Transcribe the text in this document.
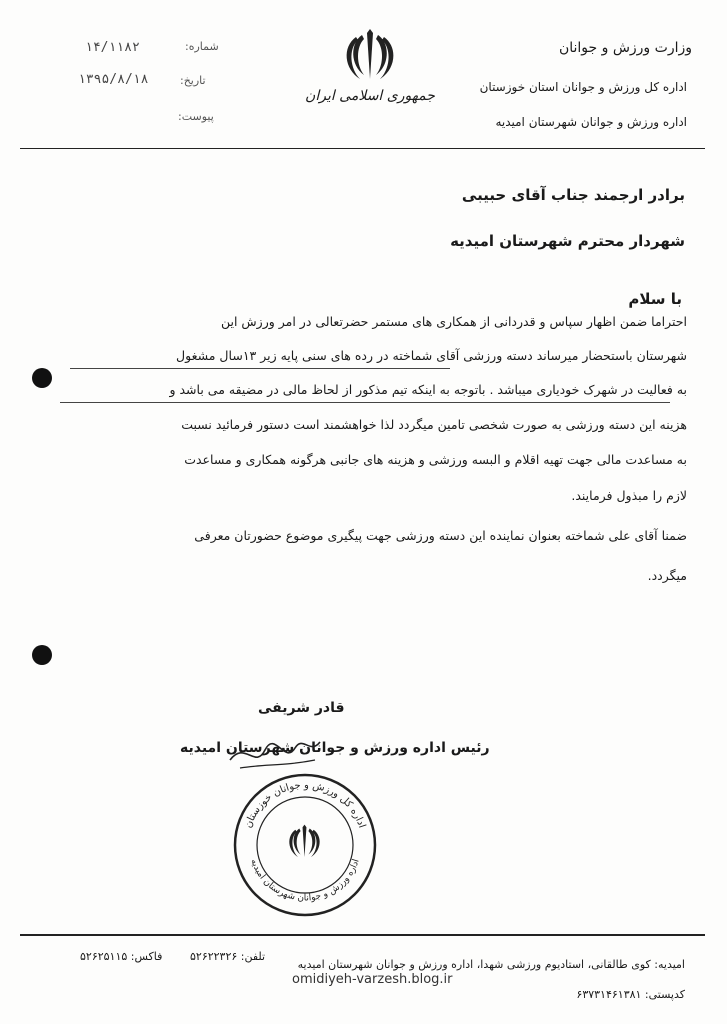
وزارت ورزش و جوانان
اداره کل ورزش و جوانان استان خوزستان
اداره ورزش و جوانان شهرستان امیدیه
جمهوری اسلامی ایران
۱۴/۱۱۸۲	شماره:
۱۳۹۵/۸/۱۸	تاریخ:
پیوست:
برادر ارجمند جناب آقای حبیبی
شهردار محترم شهرستان امیدیه
با سلام
احتراما ضمن اظهار سپاس و قدردانی از همکاری های مستمر حضرتعالی در امر ورزش این
شهرستان باستحضار میرساند دسته ورزشی آقای شماخته در رده های سنی پایه زیر ۱۳سال مشغول
به فعالیت در شهرک خودیاری میباشد . باتوجه به اینکه تیم مذکور از لحاظ مالی در مضیقه می باشد و
هزینه این دسته ورزشی به صورت شخصی تامین میگردد لذا خواهشمند است دستور فرمائید نسبت
به مساعدت مالی جهت تهیه اقلام و البسه ورزشی و هزینه های جانبی هرگونه همکاری و مساعدت
لازم را مبذول فرمایند.
ضمنا آقای علی شماخته بعنوان نماینده این دسته ورزشی جهت پیگیری موضوع حضورتان معرفی
میگردد.
قادر شریفی
رئیس اداره ورزش و جوانان شهرستان امیدیه
اداره کل ورزش و جوانان خوزستان
اداره ورزش و جوانان شهرستان امیدیه
امیدیه: کوی طالقانی، استادیوم ورزشی شهدا، اداره ورزش و جوانان شهرستان امیدیه
تلفن: ۵۲۶۲۲۳۲۶
فاکس: ۵۲۶۲۵۱۱۵
omidiyeh-varzesh.blog.ir
کدپستی: ۶۳۷۳۱۴۶۱۳۸۱
